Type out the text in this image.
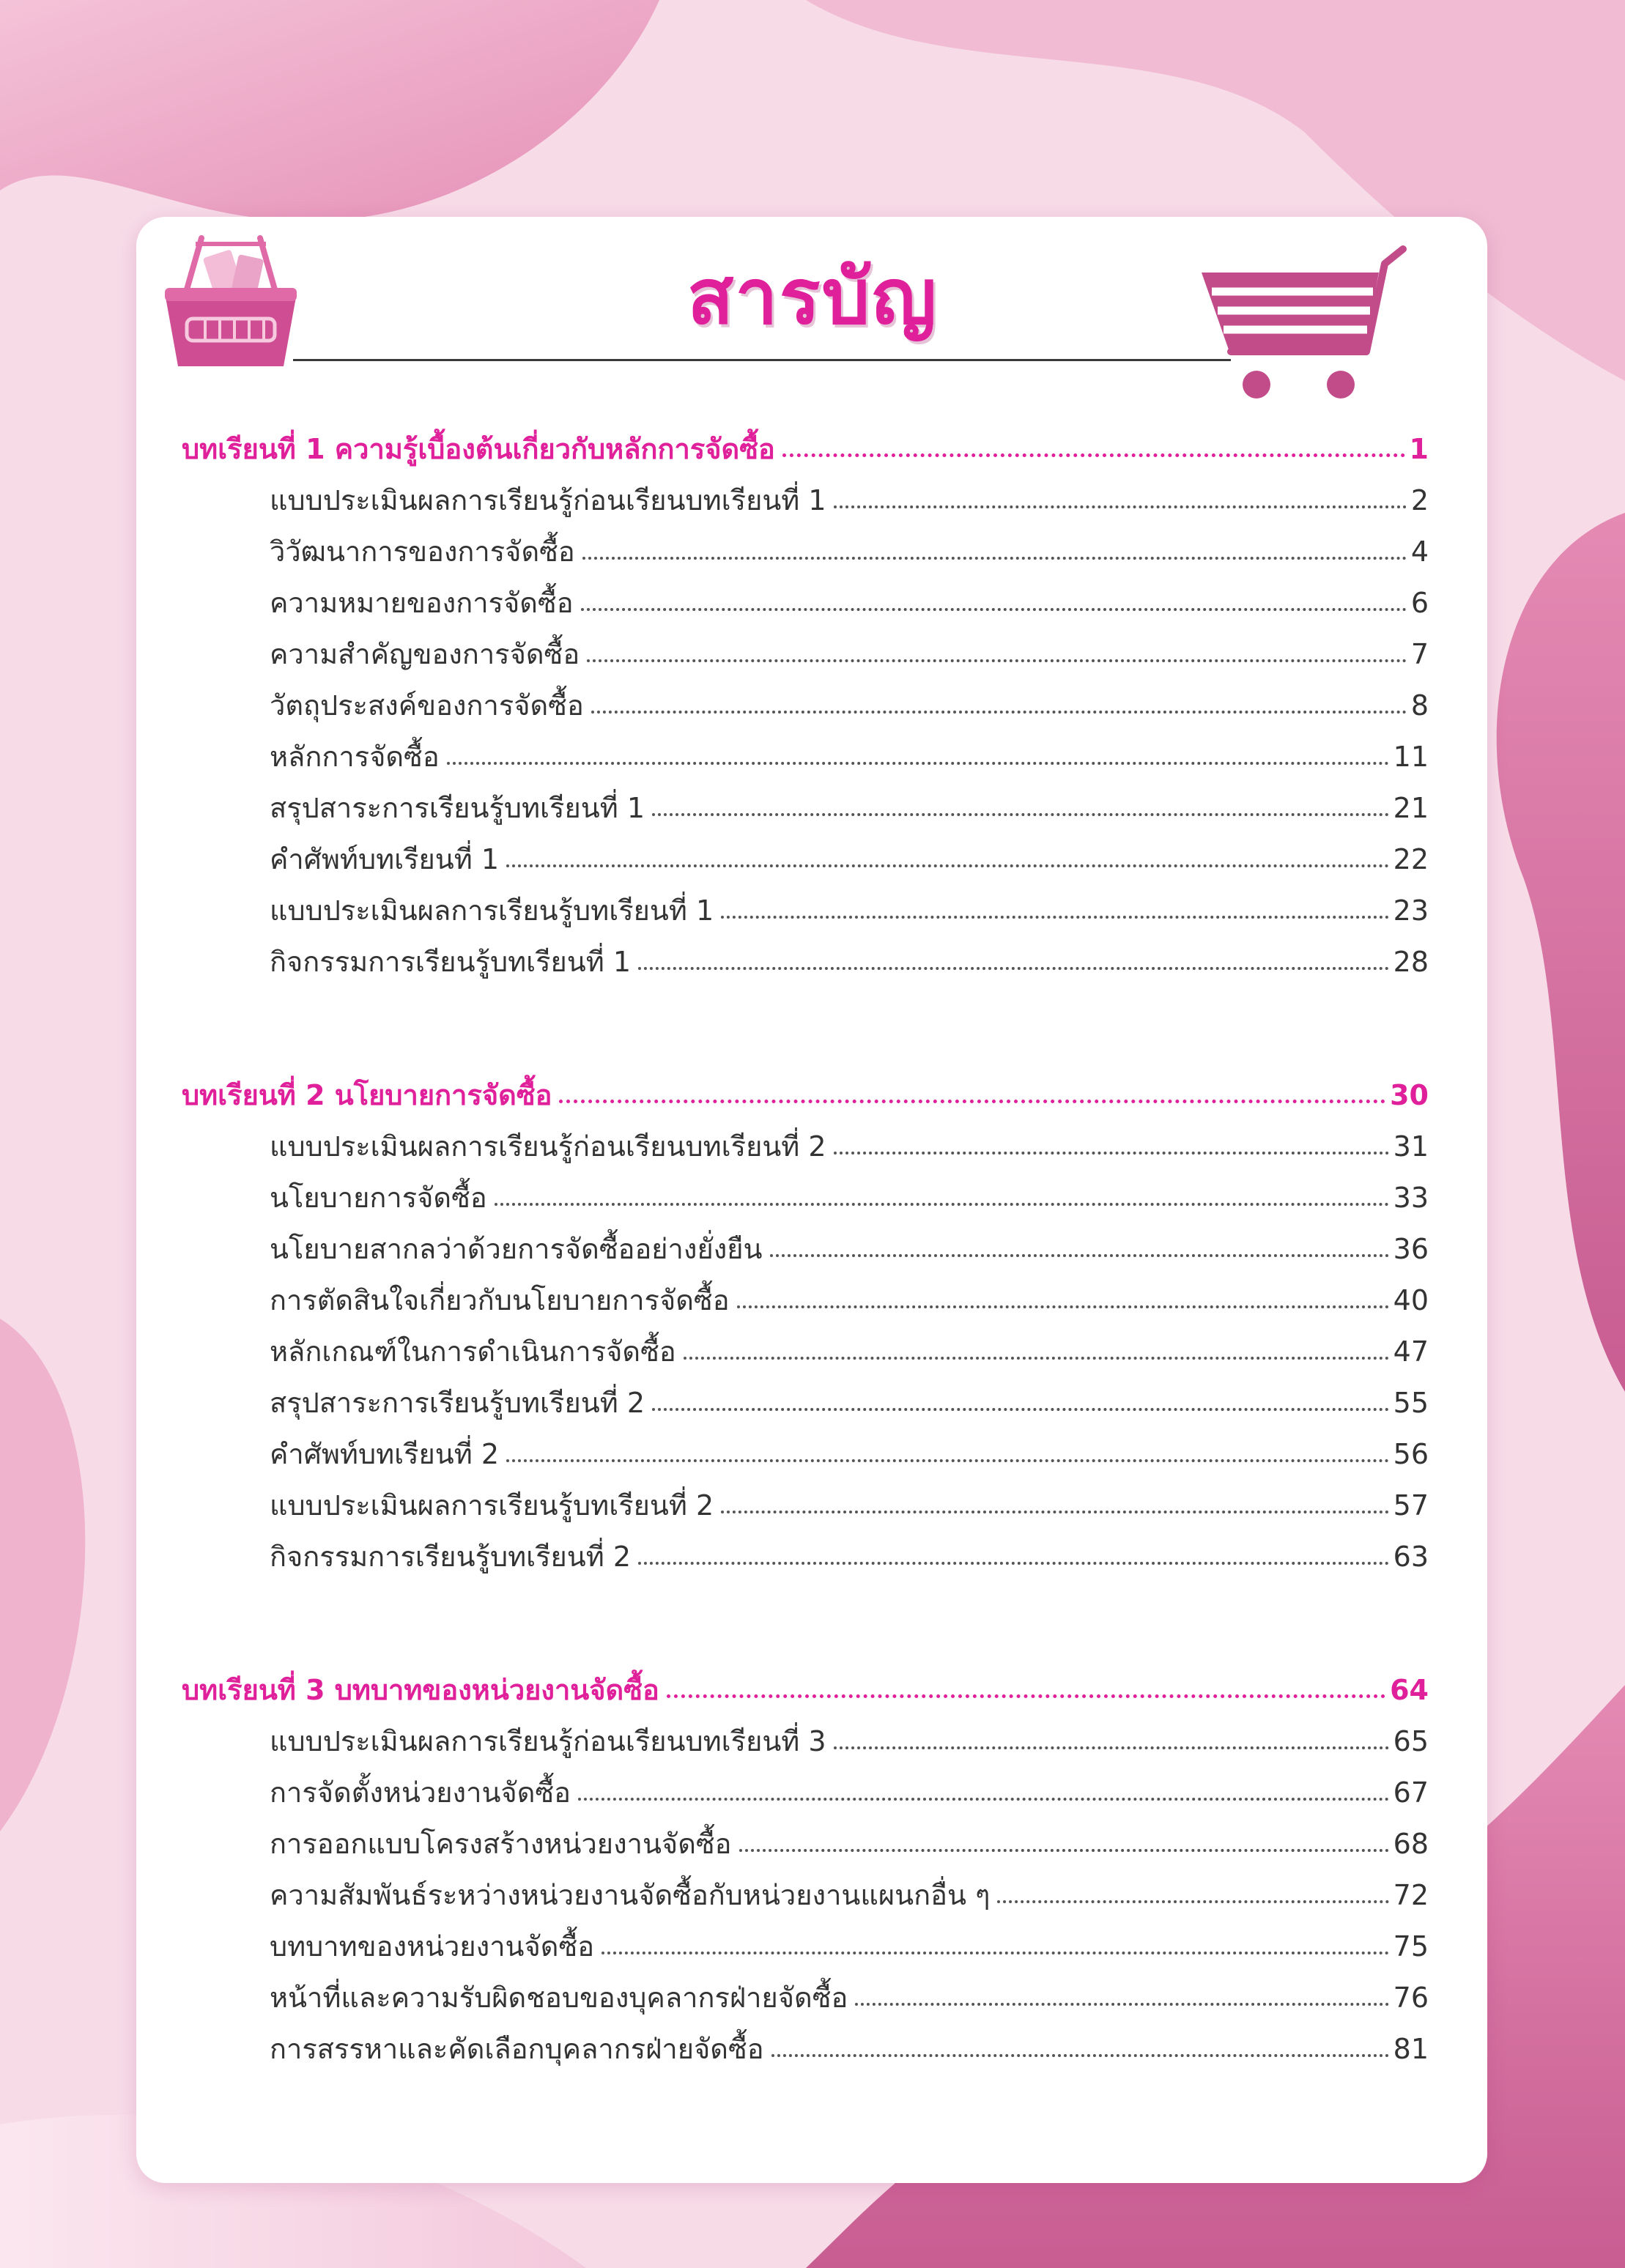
สารบัญ
บทเรียนที่ 1 ความรู้เบื้องต้นเกี่ยวกับหลักการจัดซื้อ	1
แบบประเมินผลการเรียนรู้ก่อนเรียนบทเรียนที่ 1	2
วิวัฒนาการของการจัดซื้อ	4
ความหมายของการจัดซื้อ	6
ความสำคัญของการจัดซื้อ	7
วัตถุประสงค์ของการจัดซื้อ	8
หลักการจัดซื้อ	11
สรุปสาระการเรียนรู้บทเรียนที่ 1	21
คำศัพท์บทเรียนที่ 1	22
แบบประเมินผลการเรียนรู้บทเรียนที่ 1	23
กิจกรรมการเรียนรู้บทเรียนที่ 1	28
บทเรียนที่ 2 นโยบายการจัดซื้อ	30
แบบประเมินผลการเรียนรู้ก่อนเรียนบทเรียนที่ 2	31
นโยบายการจัดซื้อ	33
นโยบายสากลว่าด้วยการจัดซื้ออย่างยั่งยืน	36
การตัดสินใจเกี่ยวกับนโยบายการจัดซื้อ	40
หลักเกณฑ์ในการดำเนินการจัดซื้อ	47
สรุปสาระการเรียนรู้บทเรียนที่ 2	55
คำศัพท์บทเรียนที่ 2	56
แบบประเมินผลการเรียนรู้บทเรียนที่ 2	57
กิจกรรมการเรียนรู้บทเรียนที่ 2	63
บทเรียนที่ 3 บทบาทของหน่วยงานจัดซื้อ	64
แบบประเมินผลการเรียนรู้ก่อนเรียนบทเรียนที่ 3	65
การจัดตั้งหน่วยงานจัดซื้อ	67
การออกแบบโครงสร้างหน่วยงานจัดซื้อ	68
ความสัมพันธ์ระหว่างหน่วยงานจัดซื้อกับหน่วยงานแผนกอื่น ๆ	72
บทบาทของหน่วยงานจัดซื้อ	75
หน้าที่และความรับผิดชอบของบุคลากรฝ่ายจัดซื้อ	76
การสรรหาและคัดเลือกบุคลากรฝ่ายจัดซื้อ	81
